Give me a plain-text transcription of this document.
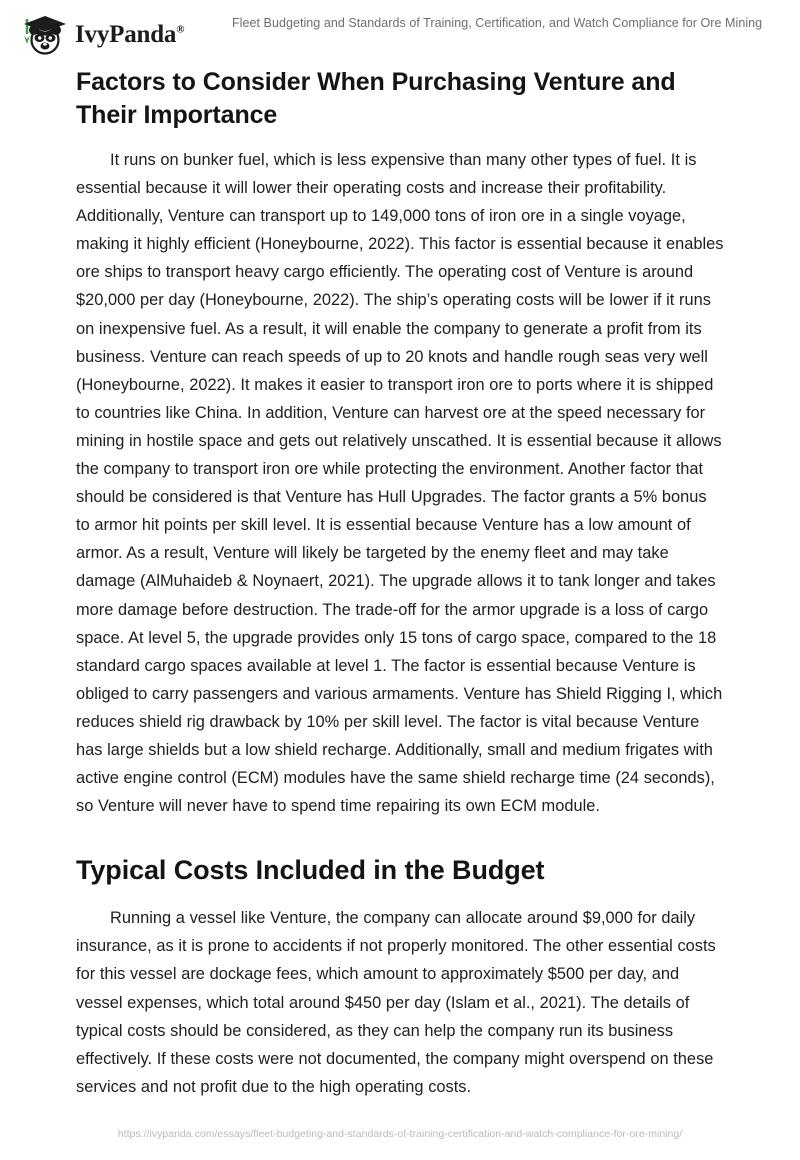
IvyPanda®	Fleet Budgeting and Standards of Training, Certification, and Watch Compliance for Ore Mining
Factors to Consider When Purchasing Venture and Their Importance

It runs on bunker fuel, which is less expensive than many other types of fuel. It is essential because it will lower their operating costs and increase their profitability. Additionally, Venture can transport up to 149,000 tons of iron ore in a single voyage, making it highly efficient (Honeybourne, 2022). This factor is essential because it enables ore ships to transport heavy cargo efficiently. The operating cost of Venture is around $20,000 per day (Honeybourne, 2022). The ship’s operating costs will be lower if it runs on inexpensive fuel. As a result, it will enable the company to generate a profit from its business. Venture can reach speeds of up to 20 knots and handle rough seas very well (Honeybourne, 2022). It makes it easier to transport iron ore to ports where it is shipped to countries like China. In addition, Venture can harvest ore at the speed necessary for mining in hostile space and gets out relatively unscathed. It is essential because it allows the company to transport iron ore while protecting the environment. Another factor that should be considered is that Venture has Hull Upgrades. The factor grants a 5% bonus to armor hit points per skill level. It is essential because Venture has a low amount of armor. As a result, Venture will likely be targeted by the enemy fleet and may take damage (AlMuhaideb & Noynaert, 2021). The upgrade allows it to tank longer and takes more damage before destruction. The trade-off for the armor upgrade is a loss of cargo space. At level 5, the upgrade provides only 15 tons of cargo space, compared to the 18 standard cargo spaces available at level 1. The factor is essential because Venture is obliged to carry passengers and various armaments. Venture has Shield Rigging I, which reduces shield rig drawback by 10% per skill level. The factor is vital because Venture has large shields but a low shield recharge. Additionally, small and medium frigates with active engine control (ECM) modules have the same shield recharge time (24 seconds), so Venture will never have to spend time repairing its own ECM module.

Typical Costs Included in the Budget

Running a vessel like Venture, the company can allocate around $9,000 for daily insurance, as it is prone to accidents if not properly monitored. The other essential costs for this vessel are dockage fees, which amount to approximately $500 per day, and vessel expenses, which total around $450 per day (Islam et al., 2021). The details of typical costs should be considered, as they can help the company run its business effectively. If these costs were not documented, the company might overspend on these services and not profit due to the high operating costs.

https://ivypanda.com/essays/fleet-budgeting-and-standards-of-training-certification-and-watch-compliance-for-ore-mining/
